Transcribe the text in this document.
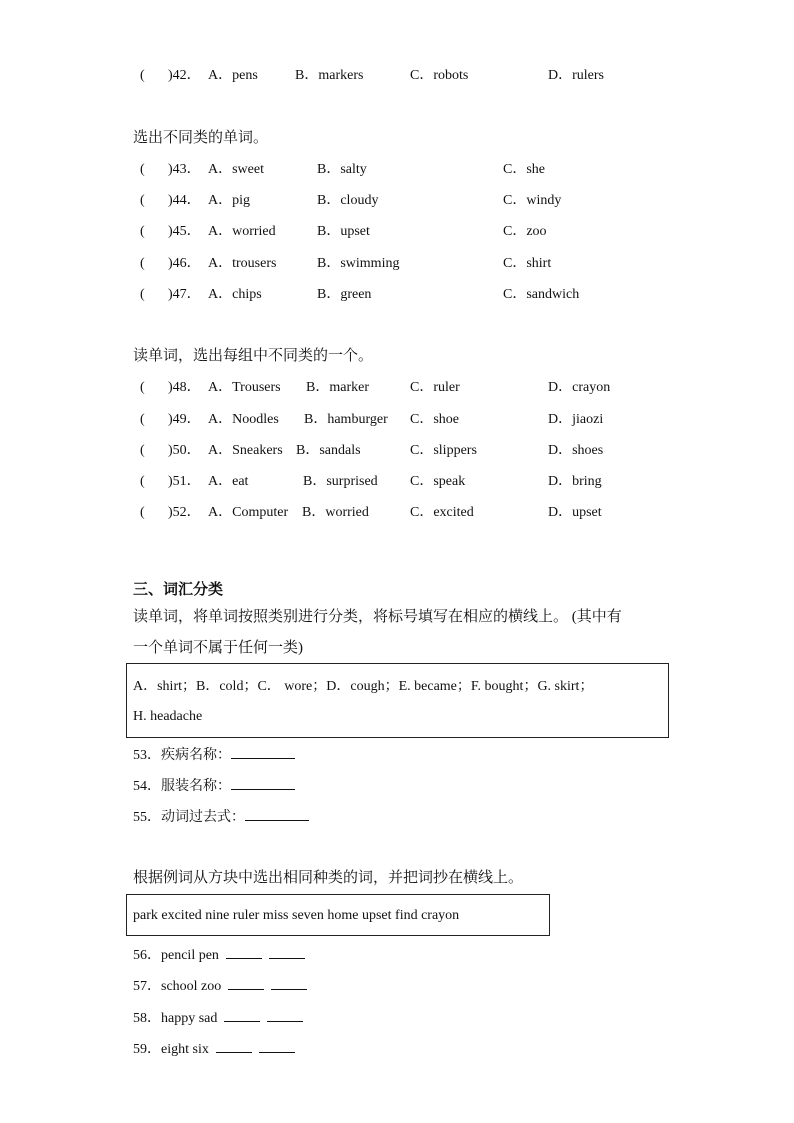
( )42． A．pens	B．markers	C．robots	D．rulers
选出不同类的单词。
( )43． A．sweet	B．salty	C．she
( )44． A．pig	B．cloudy	C．windy
( )45． A．worried	B．upset	C．zoo
( )46． A．trousers	B．swimming	C．shirt
( )47． A．chips	B．green	C．sandwich
读单词，选出每组中不同类的一个。
( )48． A．Trousers B．marker	C．ruler	D．crayon
( )49． A．Noodles B．hamburger C．shoe	D．jiaozi
( )50． A．Sneakers B．sandals	C．slippers	D．shoes
( )51． A．eat	B．surprised C．speak	D．bring
( )52． A．Computer B．worried	C．excited	D．upset
三、词汇分类
读单词，将单词按照类别进行分类，将标号填写在相应的横线上。 (其中有
一个单词不属于任何一类)
A．shirt；B．cold；C． wore；D．cough；E. became；F. bought；G. skirt；
H. headache
53．疾病名称：
54．服装名称：
55．动词过去式：
根据例词从方块中选出相同种类的词，并把词抄在横线上。
park excited nine ruler miss seven home upset find crayon
56．pencil pen
57．school zoo
58．happy sad
59．eight six
